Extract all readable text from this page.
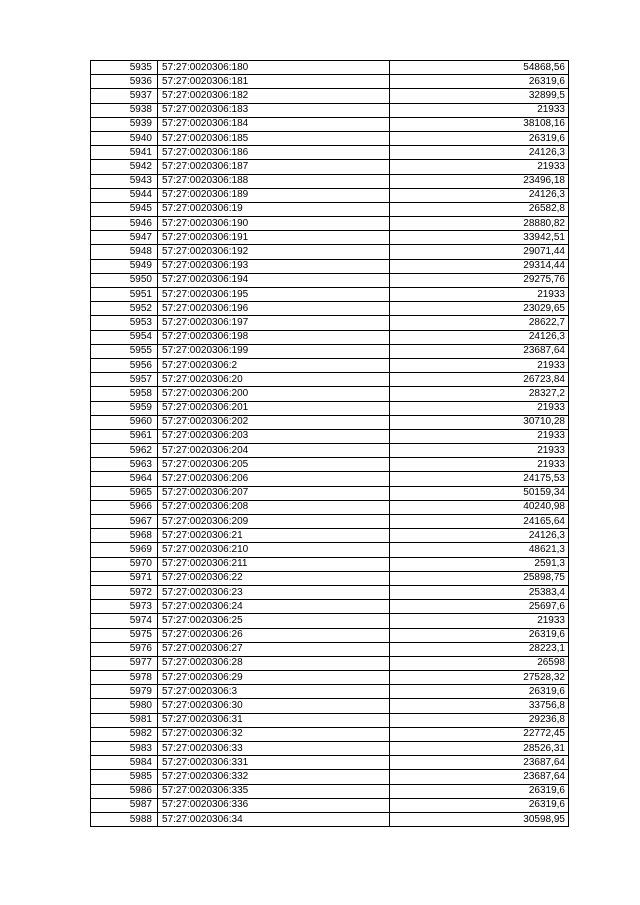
5935	57:27:0020306:180	54868,56
5936	57:27:0020306:181	26319,6
5937	57:27:0020306:182	32899,5
5938	57:27:0020306:183	21933
5939	57:27:0020306:184	38108,16
5940	57:27:0020306:185	26319,6
5941	57:27:0020306:186	24126,3
5942	57:27:0020306:187	21933
5943	57:27:0020306:188	23496,18
5944	57:27:0020306:189	24126,3
5945	57:27:0020306:19	26582,8
5946	57:27:0020306:190	28880,82
5947	57:27:0020306:191	33942,51
5948	57:27:0020306:192	29071,44
5949	57:27:0020306:193	29314,44
5950	57:27:0020306:194	29275,76
5951	57:27:0020306:195	21933
5952	57:27:0020306:196	23029,65
5953	57:27:0020306:197	28622,7
5954	57:27:0020306:198	24126,3
5955	57:27:0020306:199	23687,64
5956	57:27:0020306:2	21933
5957	57:27:0020306:20	26723,84
5958	57:27:0020306:200	28327,2
5959	57:27:0020306:201	21933
5960	57:27:0020306:202	30710,28
5961	57:27:0020306:203	21933
5962	57:27:0020306:204	21933
5963	57:27:0020306:205	21933
5964	57:27:0020306:206	24175,53
5965	57:27:0020306:207	50159,34
5966	57:27:0020306:208	40240,98
5967	57:27:0020306:209	24165,64
5968	57:27:0020306:21	24126,3
5969	57:27:0020306:210	48621,3
5970	57:27:0020306:211	2591,3
5971	57:27:0020306:22	25898,75
5972	57:27:0020306:23	25383,4
5973	57:27:0020306:24	25697,6
5974	57:27:0020306:25	21933
5975	57:27:0020306:26	26319,6
5976	57:27:0020306:27	28223,1
5977	57:27:0020306:28	26598
5978	57:27:0020306:29	27528,32
5979	57:27:0020306:3	26319,6
5980	57:27:0020306:30	33756,8
5981	57:27:0020306:31	29236,8
5982	57:27:0020306:32	22772,45
5983	57:27:0020306:33	28526,31
5984	57:27:0020306:331	23687,64
5985	57:27:0020306:332	23687,64
5986	57:27:0020306:335	26319,6
5987	57:27:0020306:336	26319,6
5988	57:27:0020306:34	30598,95
